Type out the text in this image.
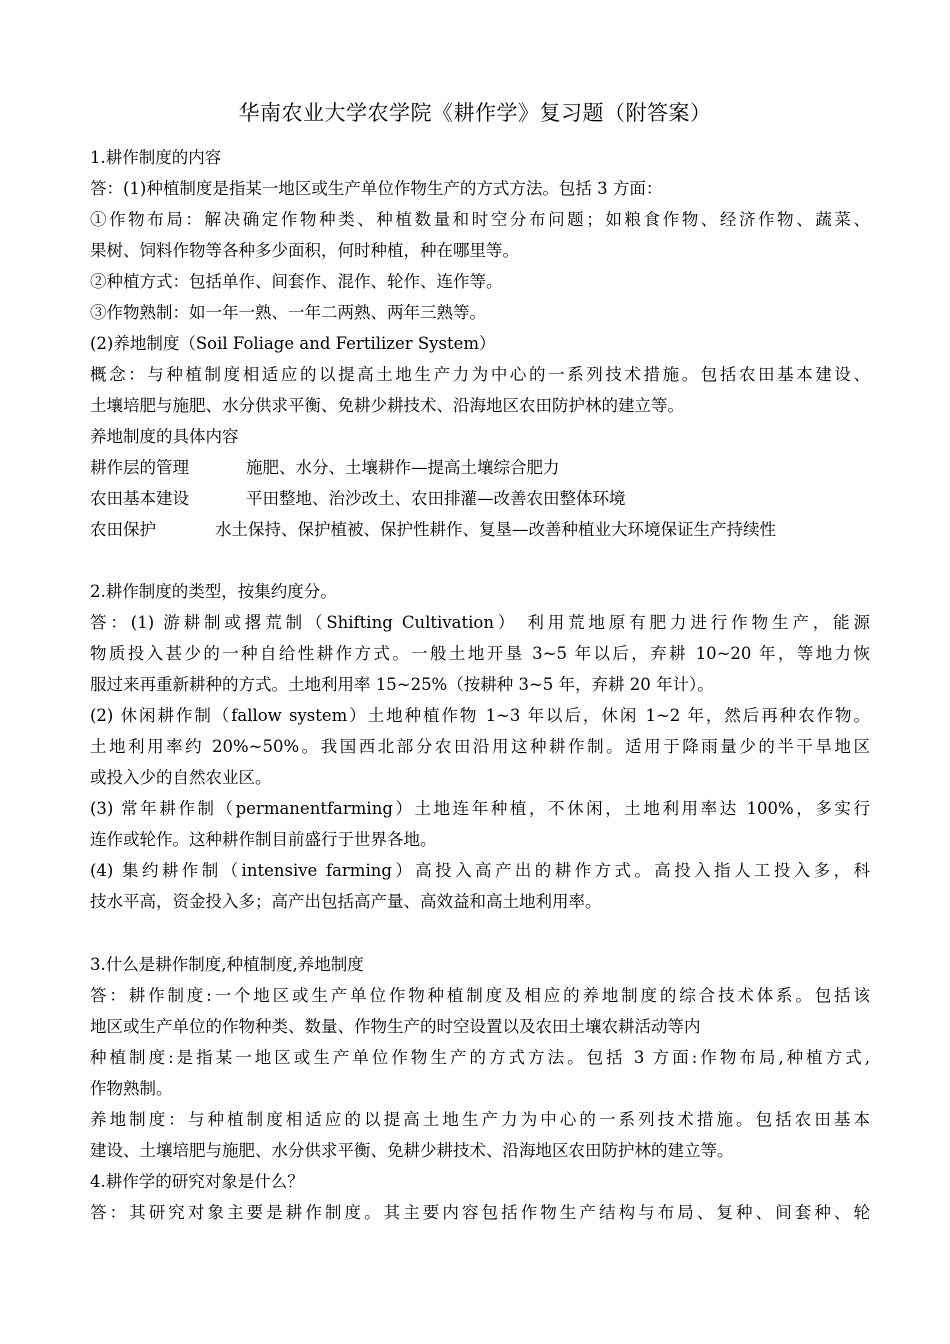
华南农业大学农学院《耕作学》复习题（附答案）
1.耕作制度的内容
答：(1)种植制度是指某一地区或生产单位作物生产的方式方法。包括 3 方面：
①作物布局：解决确定作物种类、种植数量和时空分布问题；如粮食作物、经济作物、蔬菜、
果树、饲料作物等各种多少面积，何时种植，种在哪里等。
②种植方式：包括单作、间套作、混作、轮作、连作等。
③作物熟制：如一年一熟、一年二两熟、两年三熟等。
(2)养地制度（Soil Foliage and Fertilizer System）
概念：与种植制度相适应的以提高土地生产力为中心的一系列技术措施。包括农田基本建设、
土壤培肥与施肥、水分供求平衡、免耕少耕技术、沿海地区农田防护林的建立等。
养地制度的具体内容
耕作层的管理	施肥、水分、土壤耕作—提高土壤综合肥力
农田基本建设	平田整地、治沙改土、农田排灌—改善农田整体环境
农田保护	水土保持、保护植被、保护性耕作、复垦—改善种植业大环境保证生产持续性
2.耕作制度的类型，按集约度分。
答：(1) 游耕制或撂荒制（Shifting Cultivation） 利用荒地原有肥力进行作物生产，能源
物质投入甚少的一种自给性耕作方式。一般土地开垦 3~5 年以后，弃耕 10~20 年，等地力恢
服过来再重新耕种的方式。土地利用率 15~25%（按耕种 3~5 年，弃耕 20 年计）。
(2) 休闲耕作制（fallow system）土地种植作物 1~3 年以后，休闲 1~2 年，然后再种农作物。
土地利用率约 20%~50%。我国西北部分农田沿用这种耕作制。适用于降雨量少的半干旱地区
或投入少的自然农业区。
(3) 常年耕作制（permanentfarming）土地连年种植，不休闲，土地利用率达 100%，多实行
连作或轮作。这种耕作制目前盛行于世界各地。
(4) 集约耕作制（intensive farming）高投入高产出的耕作方式。高投入指人工投入多，科
技水平高，资金投入多；高产出包括高产量、高效益和高土地利用率。
3.什么是耕作制度,种植制度,养地制度
答：耕作制度:一个地区或生产单位作物种植制度及相应的养地制度的综合技术体系。包括该
地区或生产单位的作物种类、数量、作物生产的时空设置以及农田土壤农耕活动等内
种植制度:是指某一地区或生产单位作物生产的方式方法。包括 3 方面:作物布局,种植方式,
作物熟制。
养地制度：与种植制度相适应的以提高土地生产力为中心的一系列技术措施。包括农田基本
建设、土壤培肥与施肥、水分供求平衡、免耕少耕技术、沿海地区农田防护林的建立等。
4.耕作学的研究对象是什么？
答：其研究对象主要是耕作制度。其主要内容包括作物生产结构与布局、复种、间套种、轮
